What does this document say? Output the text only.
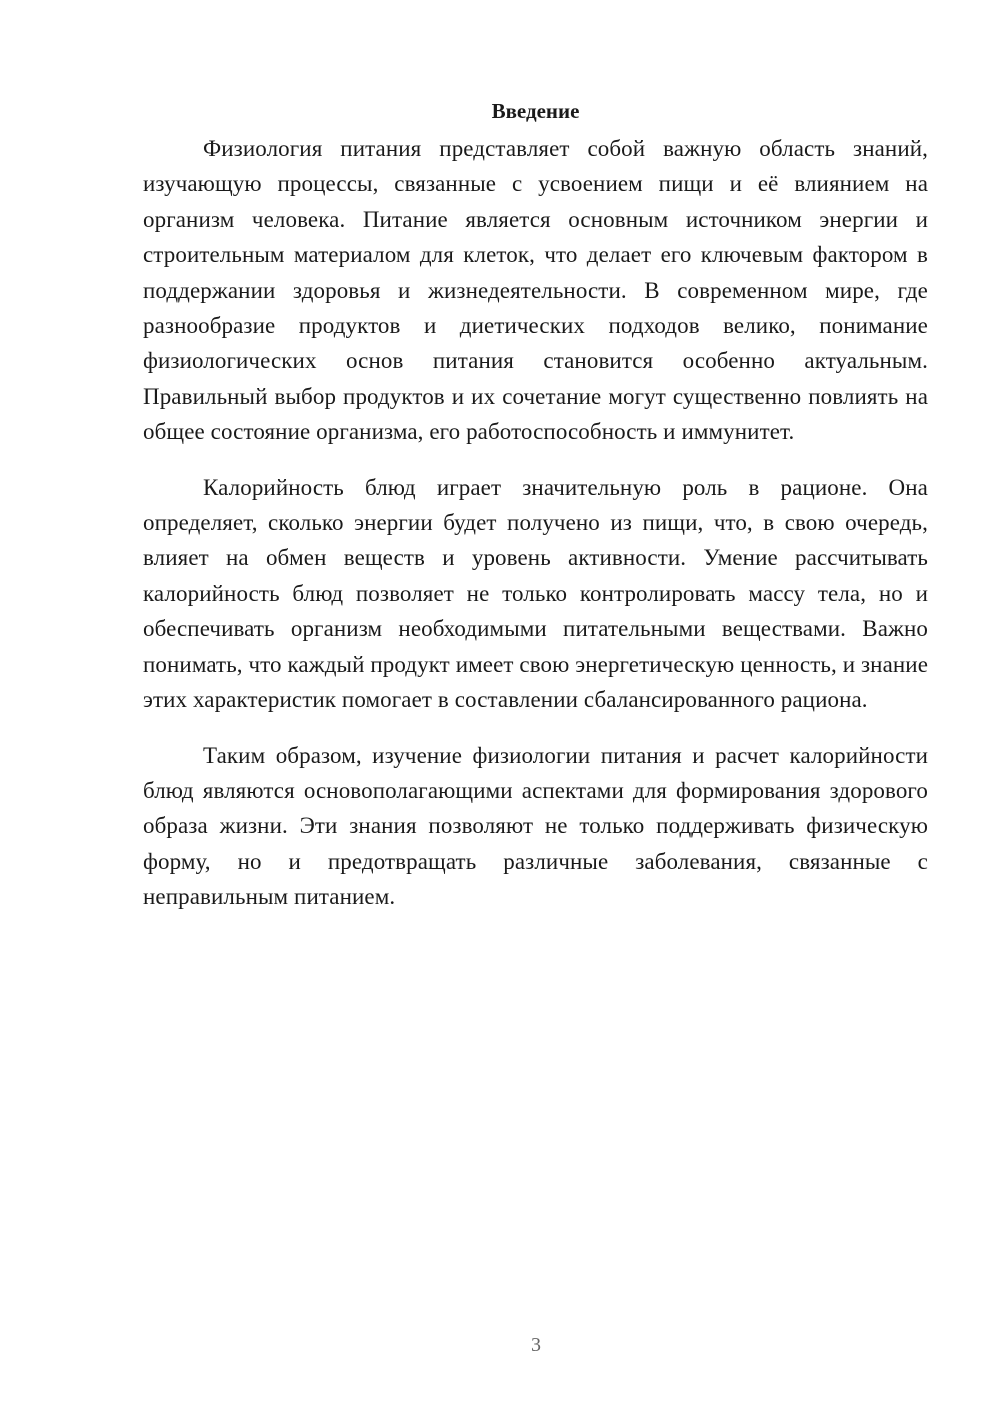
Введение

Физиология питания представляет собой важную область знаний, изучающую процессы, связанные с усвоением пищи и её влиянием на организм человека. Питание является основным источником энергии и строительным материалом для клеток, что делает его ключевым фактором в поддержании здоровья и жизнедеятельности. В современном мире, где разнообразие продуктов и диетических подходов велико, понимание физиологических основ питания становится особенно актуальным. Правильный выбор продуктов и их сочетание могут существенно повлиять на общее состояние организма, его работоспособность и иммунитет.

Калорийность блюд играет значительную роль в рационе. Она определяет, сколько энергии будет получено из пищи, что, в свою очередь, влияет на обмен веществ и уровень активности. Умение рассчитывать калорийность блюд позволяет не только контролировать массу тела, но и обеспечивать организм необходимыми питательными веществами. Важно понимать, что каждый продукт имеет свою энергетическую ценность, и знание этих характеристик помогает в составлении сбалансированного рациона.

Таким образом, изучение физиологии питания и расчет калорийности блюд являются основополагающими аспектами для формирования здорового образа жизни. Эти знания позволяют не только поддерживать физическую форму, но и предотвращать различные заболевания, связанные с неправильным питанием.

3
